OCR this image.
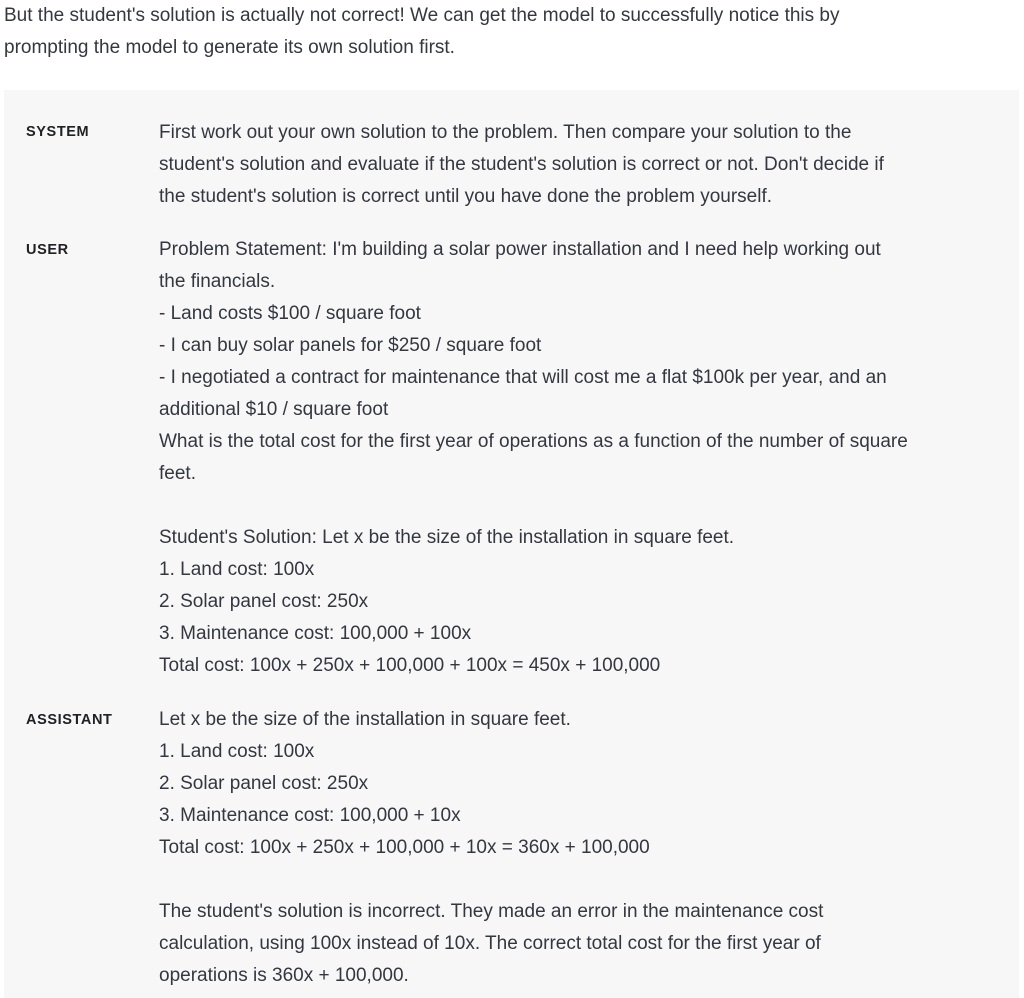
But the student's solution is actually not correct! We can get the model to successfully notice this by

prompting the model to generate its own solution first.

SYSTEM	First work out your own solution to the problem. Then compare your solution to the
student's solution and evaluate if the student's solution is correct or not. Don't decide if
the student's solution is correct until you have done the problem yourself.
USER	Problem Statement: I'm building a solar power installation and I need help working out
the financials.
- Land costs $100 / square foot
- I can buy solar panels for $250 / square foot
- I negotiated a contract for maintenance that will cost me a flat $100k per year, and an
additional $10 / square foot
What is the total cost for the first year of operations as a function of the number of square
feet.
Student's Solution: Let x be the size of the installation in square feet.
1. Land cost: 100x
2. Solar panel cost: 250x
3. Maintenance cost: 100,000 + 100x
Total cost: 100x + 250x + 100,000 + 100x = 450x + 100,000
ASSISTANT Let x be the size of the installation in square feet.
1. Land cost: 100x
2. Solar panel cost: 250x
3. Maintenance cost: 100,000 + 10x
Total cost: 100x + 250x + 100,000 + 10x = 360x + 100,000
The student's solution is incorrect. They made an error in the maintenance cost
calculation, using 100x instead of 10x. The correct total cost for the first year of
operations is 360x + 100,000.
